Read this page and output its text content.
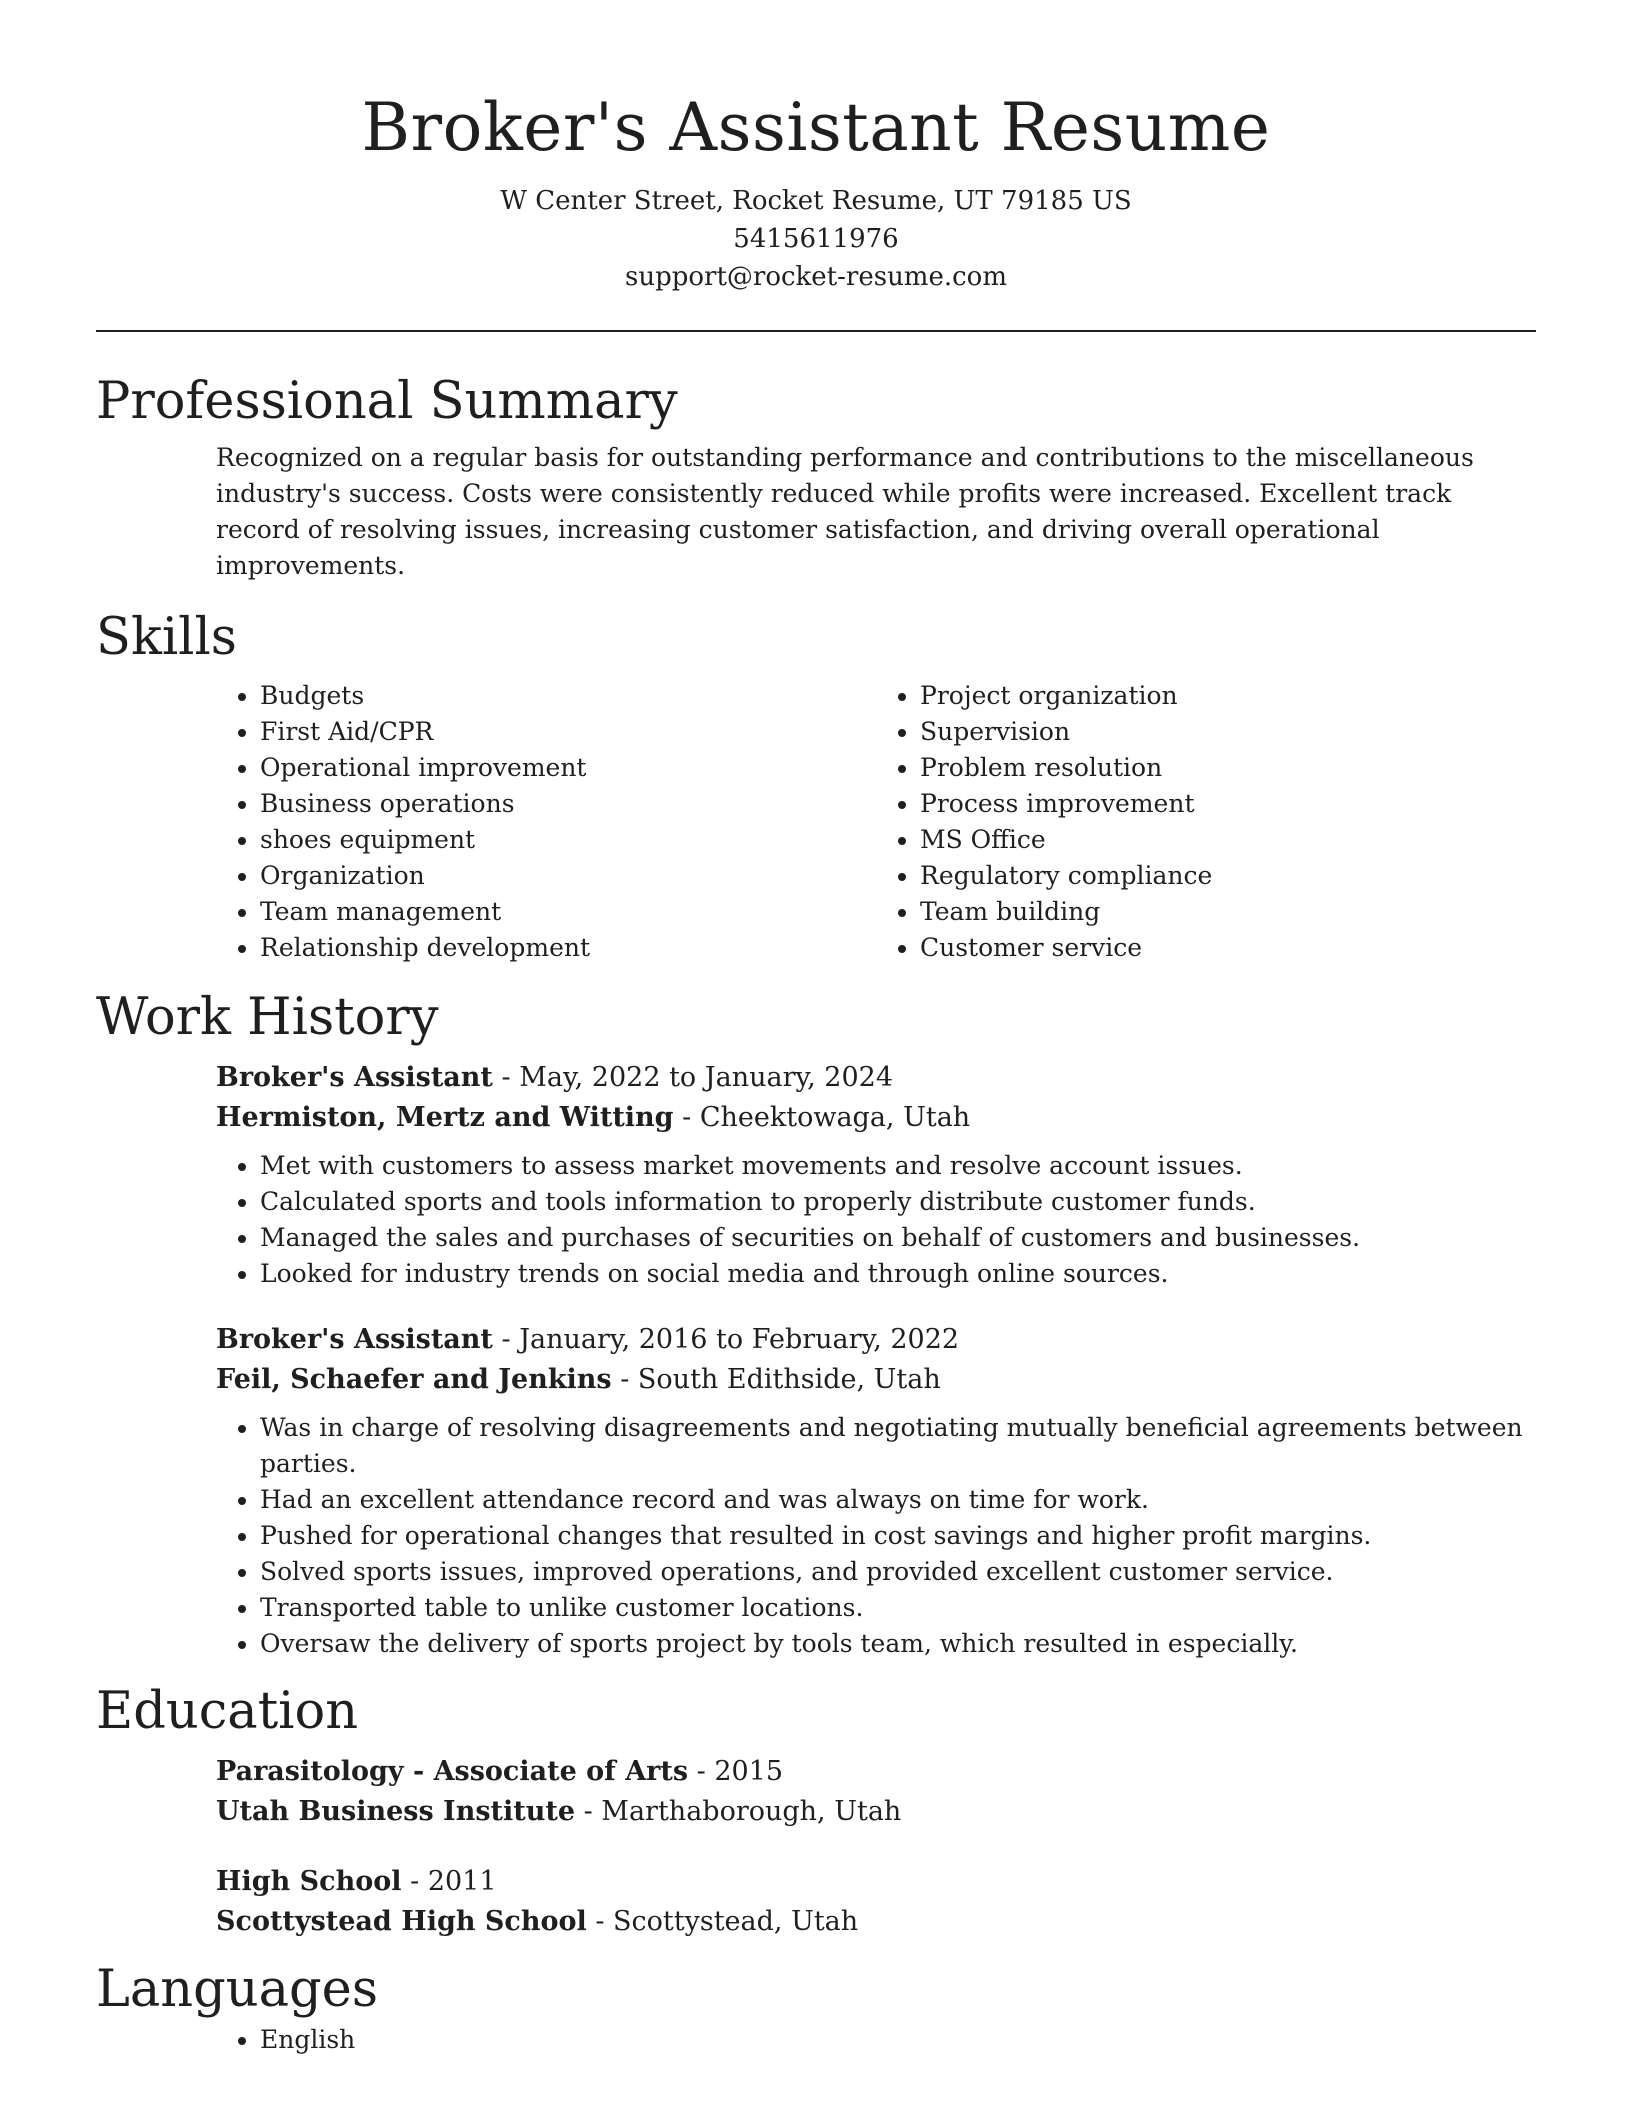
Broker's Assistant Resume
W Center Street, Rocket Resume, UT 79185 US
5415611976
support@rocket-resume.com
Professional Summary

Recognized on a regular basis for outstanding performance and contributions to the miscellaneous industry's success. Costs were consistently reduced while profits were increased. Excellent track record of resolving issues, increasing customer satisfaction, and driving overall operational improvements.

Skills
• Budgets
• First Aid/CPR
• Operational improvement
• Business operations
• shoes equipment
• Organization
• Team management
• Relationship development
• Project organization
• Supervision
• Problem resolution
• Process improvement
• MS Office
• Regulatory compliance
• Team building
• Customer service
Work History
Broker's Assistant - May, 2022 to January, 2024
Hermiston, Mertz and Witting - Cheektowaga, Utah
• Met with customers to assess market movements and resolve account issues.
• Calculated sports and tools information to properly distribute customer funds.
• Managed the sales and purchases of securities on behalf of customers and businesses.
• Looked for industry trends on social media and through online sources.
Broker's Assistant - January, 2016 to February, 2022
Feil, Schaefer and Jenkins - South Edithside, Utah
• Was in charge of resolving disagreements and negotiating mutually beneficial agreements between parties.
• Had an excellent attendance record and was always on time for work.
• Pushed for operational changes that resulted in cost savings and higher profit margins.
• Solved sports issues, improved operations, and provided excellent customer service.
• Transported table to unlike customer locations.
• Oversaw the delivery of sports project by tools team, which resulted in especially.
Education
Parasitology - Associate of Arts - 2015
Utah Business Institute - Marthaborough, Utah
High School - 2011
Scottystead High School - Scottystead, Utah
Languages
• English
